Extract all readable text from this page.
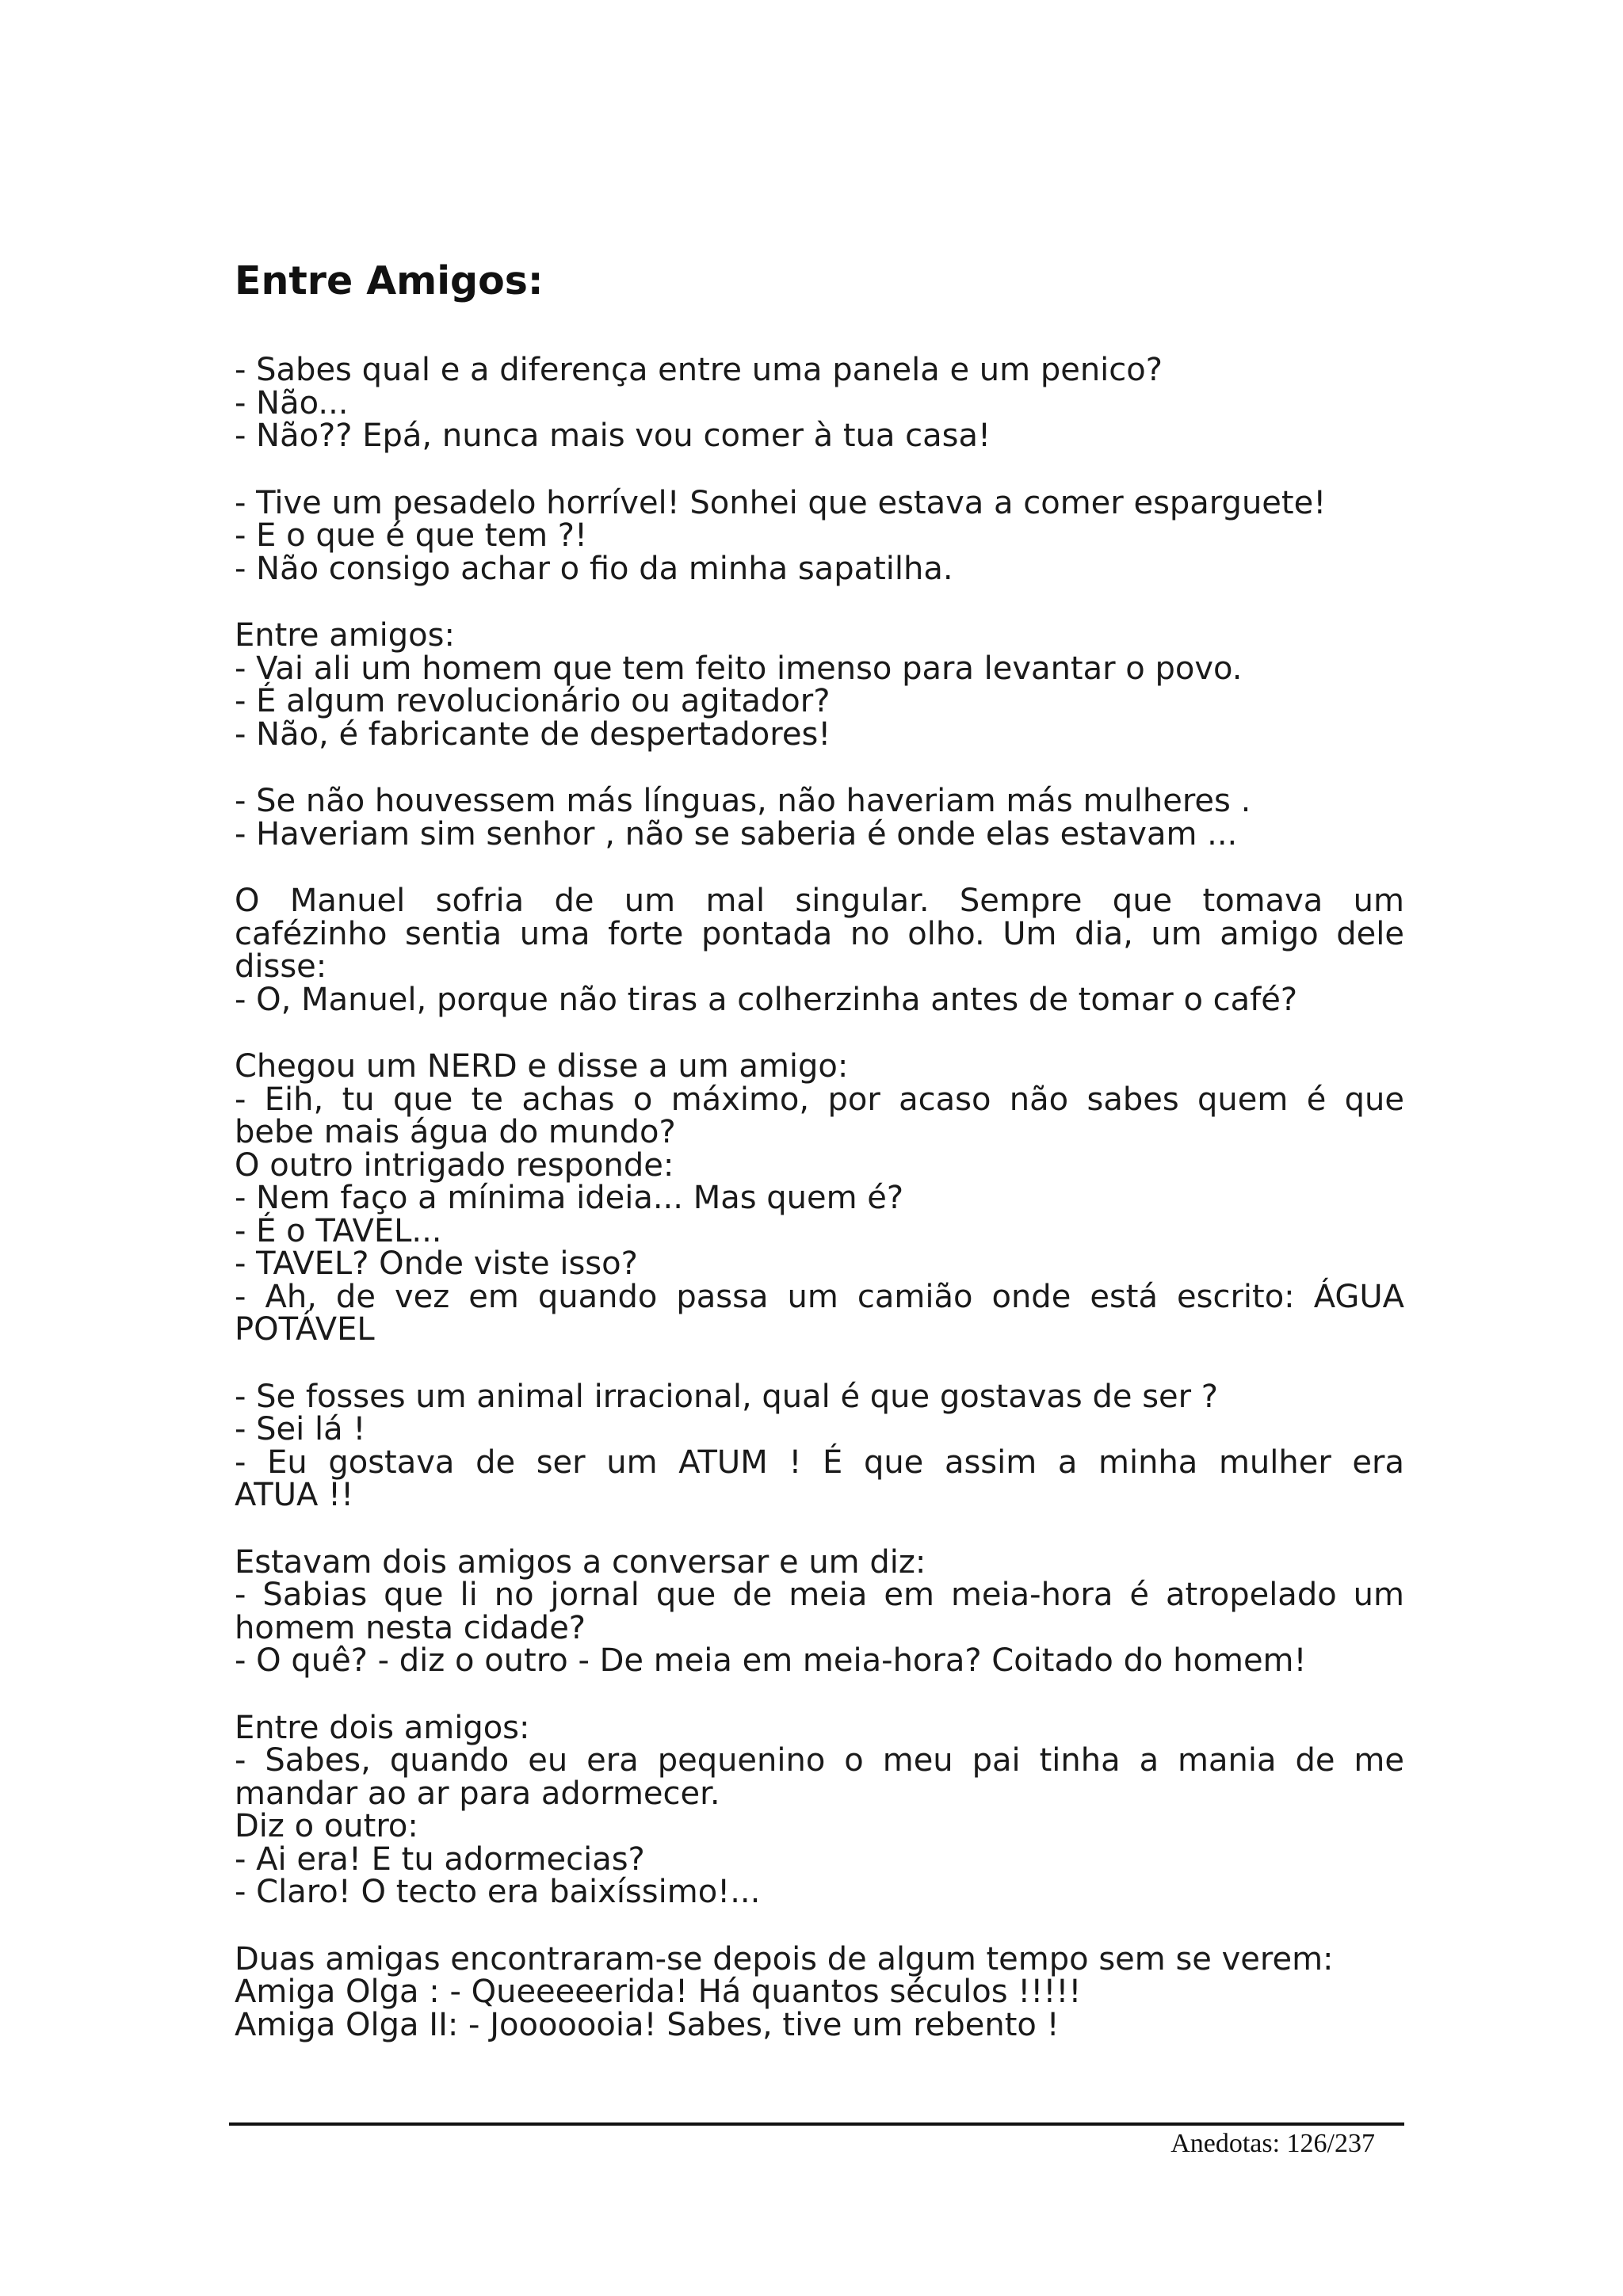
Entre Amigos:
- Sabes qual e a diferença entre uma panela e um penico?
- Não...
- Não?? Epá, nunca mais vou comer à tua casa!
- Tive um pesadelo horrível! Sonhei que estava a comer esparguete!
- E o que é que tem ?!
- Não consigo achar o fio da minha sapatilha.
Entre amigos:
- Vai ali um homem que tem feito imenso para levantar o povo.
- É algum revolucionário ou agitador?
- Não, é fabricante de despertadores!
- Se não houvessem más línguas, não haveriam más mulheres .
- Haveriam sim senhor , não se saberia é onde elas estavam ...
O Manuel sofria de um mal singular. Sempre que tomava um
cafézinho sentia uma forte pontada no olho. Um dia, um amigo dele
disse:
- O, Manuel, porque não tiras a colherzinha antes de tomar o café?
Chegou um NERD e disse a um amigo:
- Eih, tu que te achas o máximo, por acaso não sabes quem é que
bebe mais água do mundo?
O outro intrigado responde:
- Nem faço a mínima ideia... Mas quem é?
- É o TAVEL...
- TAVEL? Onde viste isso?
- Ah, de vez em quando passa um camião onde está escrito: ÁGUA
POTÁVEL
- Se fosses um animal irracional, qual é que gostavas de ser ?
- Sei lá !
- Eu gostava de ser um ATUM ! É que assim a minha mulher era
ATUA !!
Estavam dois amigos a conversar e um diz:
- Sabias que li no jornal que de meia em meia-hora é atropelado um
homem nesta cidade?
- O quê? - diz o outro - De meia em meia-hora? Coitado do homem!
Entre dois amigos:
- Sabes, quando eu era pequenino o meu pai tinha a mania de me
mandar ao ar para adormecer.
Diz o outro:
- Ai era! E tu adormecias?
- Claro! O tecto era baixíssimo!...
Duas amigas encontraram-se depois de algum tempo sem se verem:
Amiga Olga : - Queeeeerida! Há quantos séculos !!!!!
Amiga Olga II: - Jooooooia! Sabes, tive um rebento !
Anedotas: 126/237
